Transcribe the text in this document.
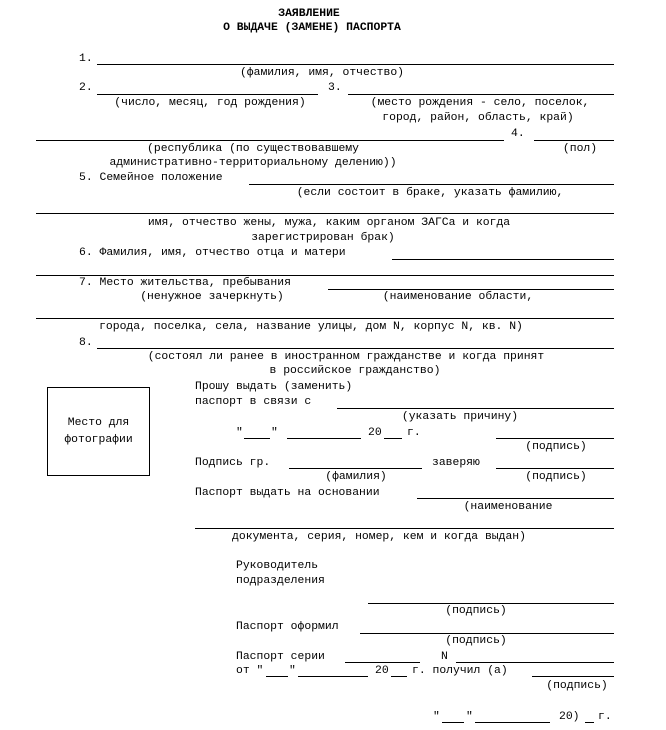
ЗАЯВЛЕНИЕ
О ВЫДАЧЕ (ЗАМЕНЕ) ПАСПОРТА
1.
(фамилия, имя, отчество)
2.	3.
(число, месяц, год рождения)	(место рождения - село, поселок,
город, район, область, край)
4.
(республика (по существовавшему
административно-территориальному делению))
(пол)
5. Семейное положение
(если состоит в браке, указать фамилию,
имя, отчество жены, мужа, каким органом ЗАГСа и когда
зарегистрирован брак)
6. Фамилия, имя, отчество отца и матери
7. Место жительства, пребывания
(ненужное зачеркнуть)	(наименование области,
города, поселка, села, название улицы, дом N, корпус N, кв. N)
8.
(состоял ли ранее в иностранном гражданстве и когда принят
в российское гражданство)
Место для фотографии
Прошу выдать (заменить)
паспорт в связи с
(указать причину)
" "	20 г.
(подпись)
Подпись гр.	заверяю
(фамилия)	(подпись)
Паспорт выдать на основании
(наименование
документа, серия, номер, кем и когда выдан)
Руководитель
подразделения
(подпись)
Паспорт оформил
(подпись)
Паспорт серии	N
от " "	20 г. получил (а)
(подпись)
" "	20) г.
